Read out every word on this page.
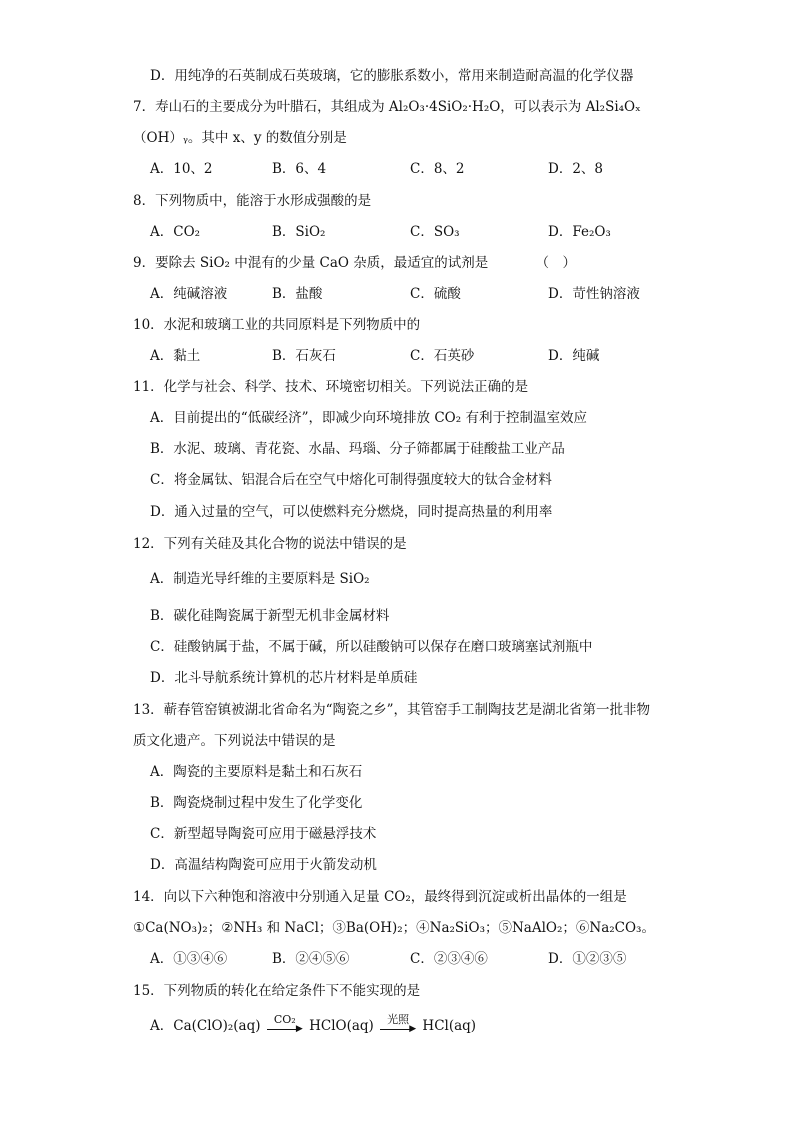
D．用纯净的石英制成石英玻璃，它的膨胀系数小，常用来制造耐高温的化学仪器
7．寿山石的主要成分为叶腊石，其组成为 Al₂O₃·4SiO₂·H₂O，可以表示为 Al₂Si₄Oₓ
（OH）ᵧ。其中 x、y 的数值分别是
A．10、2	B．6、4	C．8、2	D．2、8
8．下列物质中，能溶于水形成强酸的是
A．CO₂	B．SiO₂	C．SO₃	D．Fe₂O₃
9．要除去 SiO₂ 中混有的少量 CaO 杂质，最适宜的试剂是　　　　（　）
A．纯碱溶液	B．盐酸	C．硫酸	D．苛性钠溶液
10．水泥和玻璃工业的共同原料是下列物质中的
A．黏土	B．石灰石	C．石英砂	D．纯碱
11．化学与社会、科学、技术、环境密切相关。下列说法正确的是
A．目前提出的“低碳经济”，即减少向环境排放 CO₂ 有利于控制温室效应
B．水泥、玻璃、青花瓷、水晶、玛瑙、分子筛都属于硅酸盐工业产品
C．将金属钛、铝混合后在空气中熔化可制得强度较大的钛合金材料
D．通入过量的空气，可以使燃料充分燃烧，同时提高热量的利用率
12．下列有关硅及其化合物的说法中错误的是
A．制造光导纤维的主要原料是 SiO₂
B．碳化硅陶瓷属于新型无机非金属材料
C．硅酸钠属于盐，不属于碱，所以硅酸钠可以保存在磨口玻璃塞试剂瓶中
D．北斗导航系统计算机的芯片材料是单质硅
13．蕲春管窑镇被湖北省命名为“陶瓷之乡”，其管窑手工制陶技艺是湖北省第一批非物
质文化遗产。下列说法中错误的是
A．陶瓷的主要原料是黏土和石灰石
B．陶瓷烧制过程中发生了化学变化
C．新型超导陶瓷可应用于磁悬浮技术
D．高温结构陶瓷可应用于火箭发动机
14．向以下六种饱和溶液中分别通入足量 CO₂，最终得到沉淀或析出晶体的一组是
①Ca(NO₃)₂；②NH₃ 和 NaCl；③Ba(OH)₂；④Na₂SiO₃；⑤NaAlO₂；⑥Na₂CO₃。
A．①③④⑥	B．②④⑤⑥	C．②③④⑥	D．①②③⑤
15．下列物质的转化在给定条件下不能实现的是
A．Ca(ClO)₂(aq)	CO₂
▶ HClO(aq)	光照
▶ HCl(aq)
